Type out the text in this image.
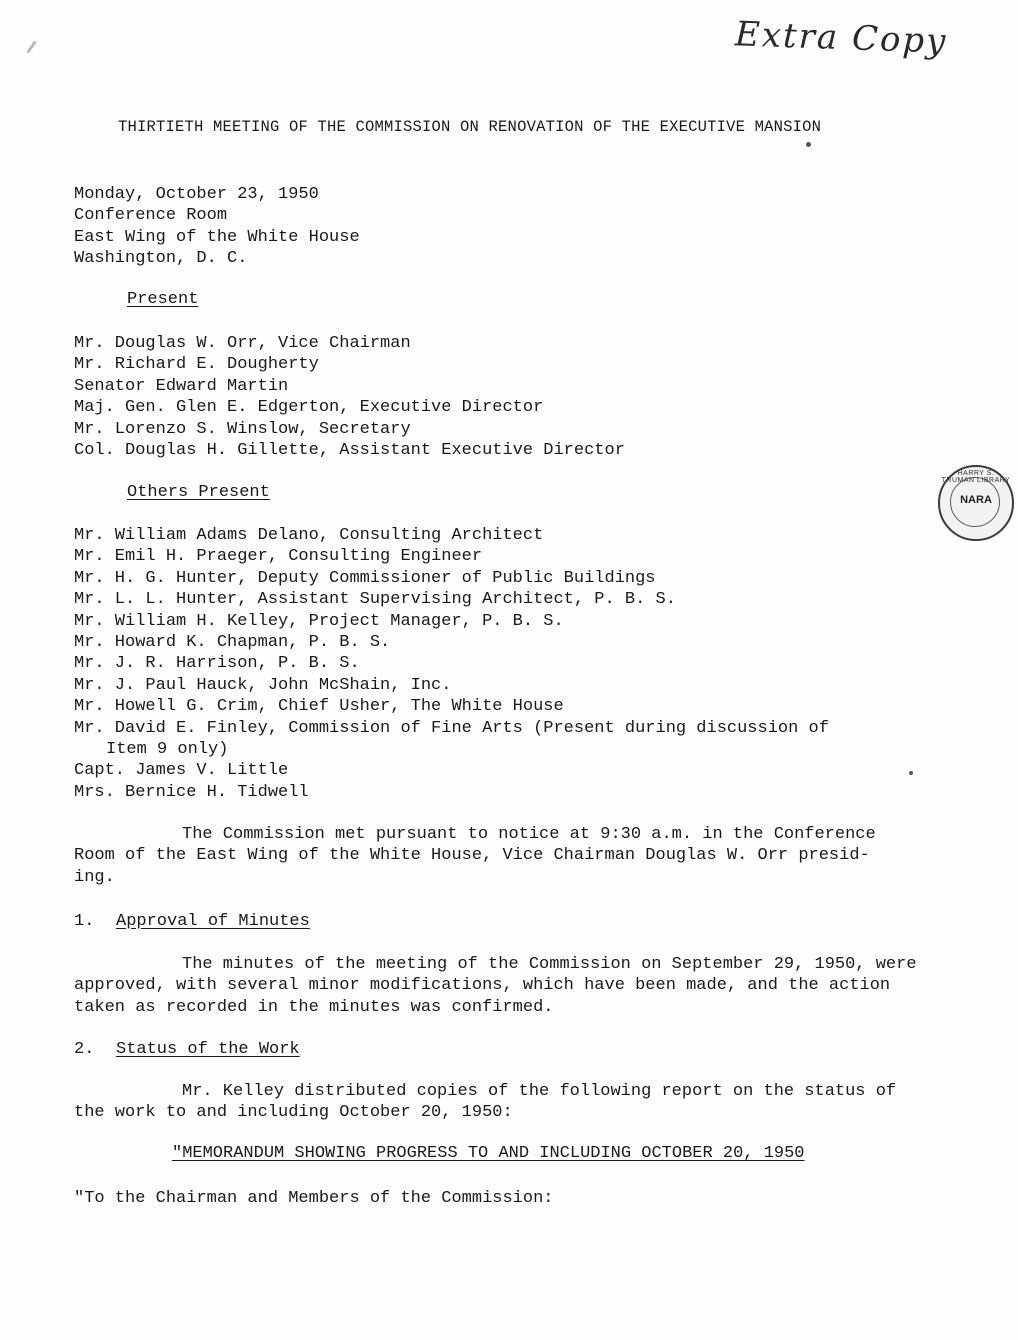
Extra Copy
THIRTIETH MEETING OF THE COMMISSION ON RENOVATION OF THE EXECUTIVE MANSION
Monday, October 23, 1950
Conference Room
East Wing of the White House
Washington, D. C.
Present
Mr. Douglas W. Orr, Vice Chairman
Mr. Richard E. Dougherty
Senator Edward Martin
Maj. Gen. Glen E. Edgerton, Executive Director
Mr. Lorenzo S. Winslow, Secretary
Col. Douglas H. Gillette, Assistant Executive Director
Others Present
Mr. William Adams Delano, Consulting Architect
Mr. Emil H. Praeger, Consulting Engineer
Mr. H. G. Hunter, Deputy Commissioner of Public Buildings
Mr. L. L. Hunter, Assistant Supervising Architect, P. B. S.
Mr. William H. Kelley, Project Manager, P. B. S.
Mr. Howard K. Chapman, P. B. S.
Mr. J. R. Harrison, P. B. S.
Mr. J. Paul Hauck, John McShain, Inc.
Mr. Howell G. Crim, Chief Usher, The White House
Mr. David E. Finley, Commission of Fine Arts (Present during discussion of
Item 9 only)
Capt. James V. Little
Mrs. Bernice H. Tidwell
The Commission met pursuant to notice at 9:30 a.m. in the Conference
Room of the East Wing of the White House, Vice Chairman Douglas W. Orr presid-
ing.
1. Approval of Minutes
The minutes of the meeting of the Commission on September 29, 1950, were
approved, with several minor modifications, which have been made, and the action
taken as recorded in the minutes was confirmed.
2. Status of the Work
Mr. Kelley distributed copies of the following report on the status of
the work to and including October 20, 1950:
"MEMORANDUM SHOWING PROGRESS TO AND INCLUDING OCTOBER 20, 1950
"To the Chairman and Members of the Commission:
HARRY S. TRUMAN LIBRARY
NARA
